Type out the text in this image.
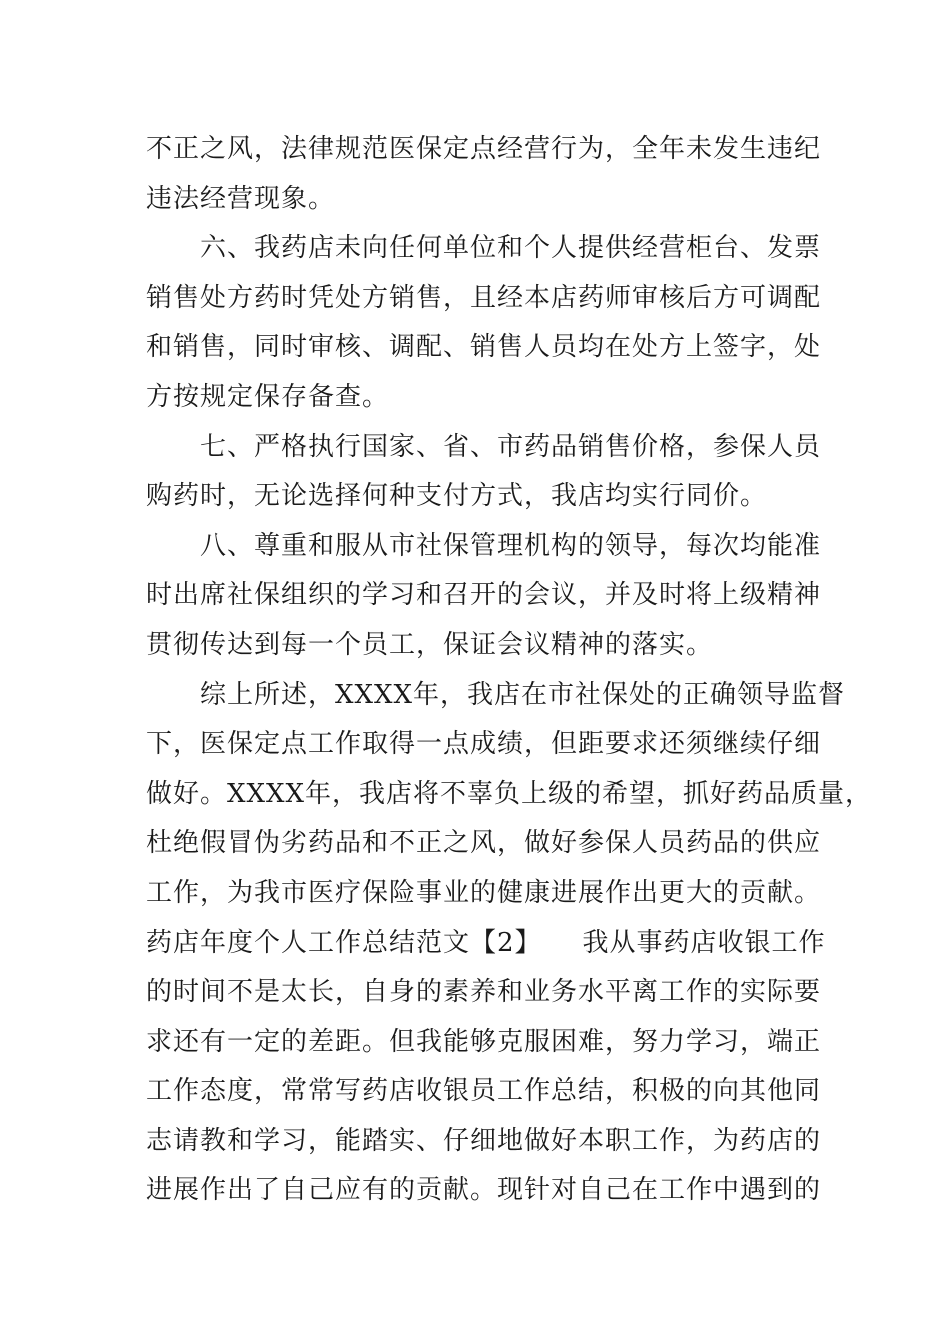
不正之风，法律规范医保定点经营行为，全年未发生违纪
违法经营现象。
　　六、我药店未向任何单位和个人提供经营柜台、发票
销售处方药时凭处方销售，且经本店药师审核后方可调配
和销售，同时审核、调配、销售人员均在处方上签字，处
方按规定保存备查。
　　七、严格执行国家、省、市药品销售价格，参保人员
购药时，无论选择何种支付方式，我店均实行同价。
　　八、尊重和服从市社保管理机构的领导，每次均能准
时出席社保组织的学习和召开的会议，并及时将上级精神
贯彻传达到每一个员工，保证会议精神的落实。
　　综上所述，XXXX年，我店在市社保处的正确领导监督
下，医保定点工作取得一点成绩，但距要求还须继续仔细
做好。XXXX年，我店将不辜负上级的希望，抓好药品质量，
杜绝假冒伪劣药品和不正之风，做好参保人员药品的供应
工作，为我市医疗保险事业的健康进展作出更大的贡献。
药店年度个人工作总结范文【2】　　我从事药店收银工作
的时间不是太长，自身的素养和业务水平离工作的实际要
求还有一定的差距。但我能够克服困难，努力学习，端正
工作态度，常常写药店收银员工作总结，积极的向其他同
志请教和学习，能踏实、仔细地做好本职工作，为药店的
进展作出了自己应有的贡献。现针对自己在工作中遇到的
